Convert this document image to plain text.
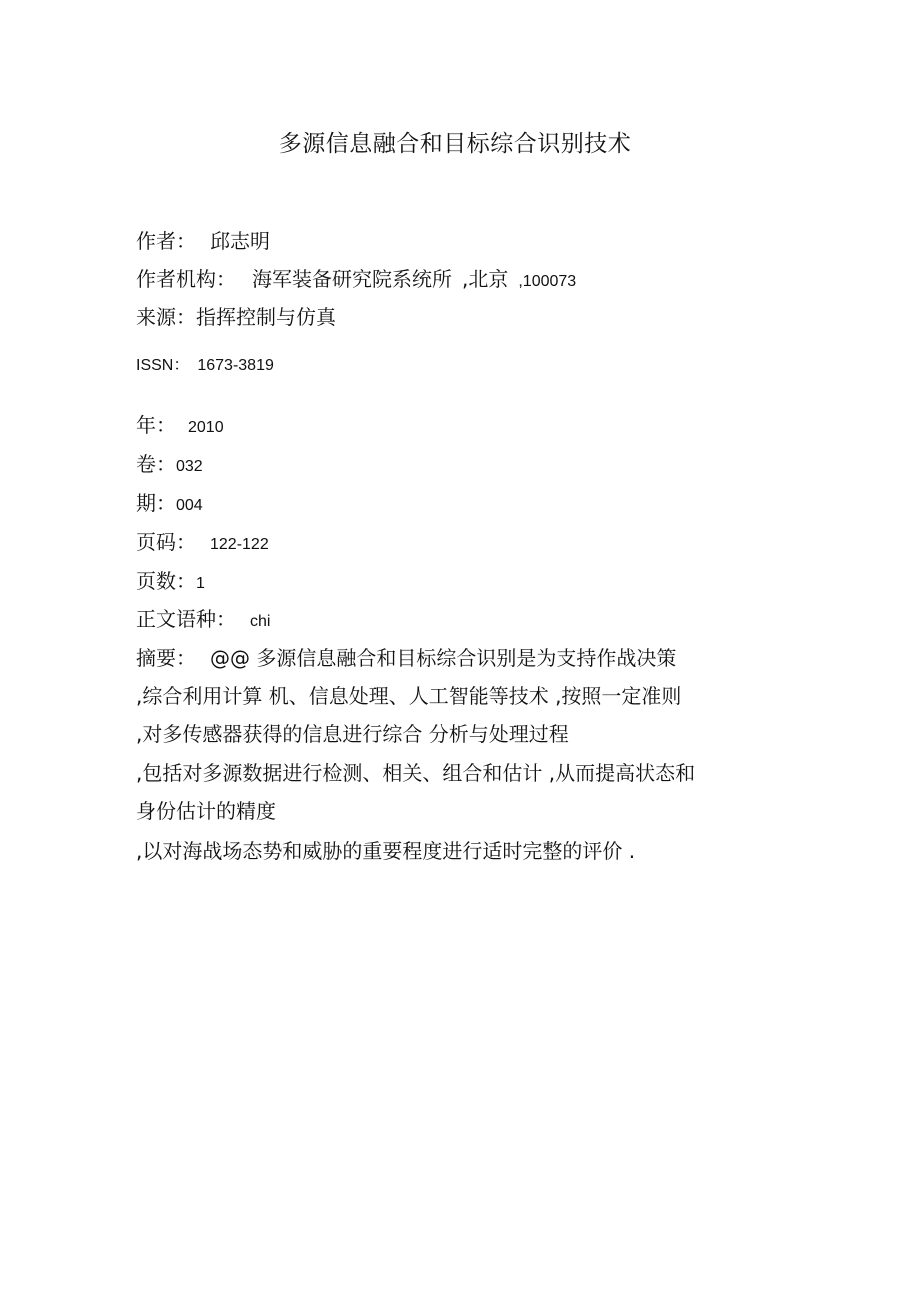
多源信息融合和目标综合识别技术
作者： 邱志明
作者机构： 海军装备研究院系统所 ,北京 ,100073
来源：指挥控制与仿真
ISSN： 1673-3819
年： 2010
卷：032
期：004
页码： 122-122
页数：1
正文语种： chi
摘要： @@ 多源信息融合和目标综合识别是为支持作战决策
,综合利用计算 机、信息处理、人工智能等技术 ,按照一定准则
,对多传感器获得的信息进行综合 分析与处理过程
,包括对多源数据进行检测、相关、组合和估计 ,从而提高状态和
身份估计的精度
,以对海战场态势和威胁的重要程度进行适时完整的评价 .
